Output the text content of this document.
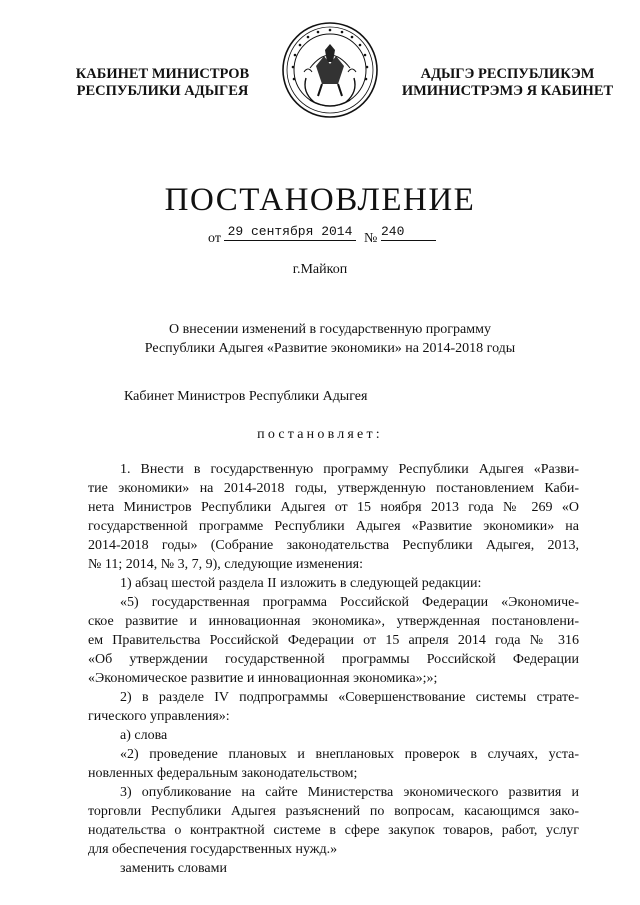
КАБИНЕТ МИНИСТРОВ
РЕСПУБЛИКИ АДЫГЕЯ
АДЫГЭ РЕСПУБЛИКЭМ
ИМИНИСТРЭМЭ Я КАБИНЕТ
ПОСТАНОВЛЕНИЕ
от 29 сентября 2014 № 240
г.Майкоп
О внесении изменений в государственную программу
Республики Адыгея «Развитие экономики» на 2014-2018 годы
Кабинет Министров Республики Адыгея
постановляет:

1. Внести в государственную программу Республики Адыгея «Разви-

тие экономики» на 2014-2018 годы, утвержденную постановлением Каби-

нета Министров Республики Адыгея от 15 ноября 2013 года № 269 «О

государственной программе Республики Адыгея «Развитие экономики» на

2014-2018 годы» (Собрание законодательства Республики Адыгея, 2013,

№ 11; 2014, № 3, 7, 9), следующие изменения:

1) абзац шестой раздела II изложить в следующей редакции:

«5) государственная программа Российской Федерации «Экономиче-

ское развитие и инновационная экономика», утвержденная постановлени-

ем Правительства Российской Федерации от 15 апреля 2014 года № 316

«Об утверждении государственной программы Российской Федерации

«Экономическое развитие и инновационная экономика»;»;

2) в разделе IV подпрограммы «Совершенствование системы страте-

гического управления»:

а) слова

«2) проведение плановых и внеплановых проверок в случаях, уста-

новленных федеральным законодательством;

3) опубликование на сайте Министерства экономического развития и

торговли Республики Адыгея разъяснений по вопросам, касающимся зако-

нодательства о контрактной системе в сфере закупок товаров, работ, услуг

для обеспечения государственных нужд.»

заменить словами
